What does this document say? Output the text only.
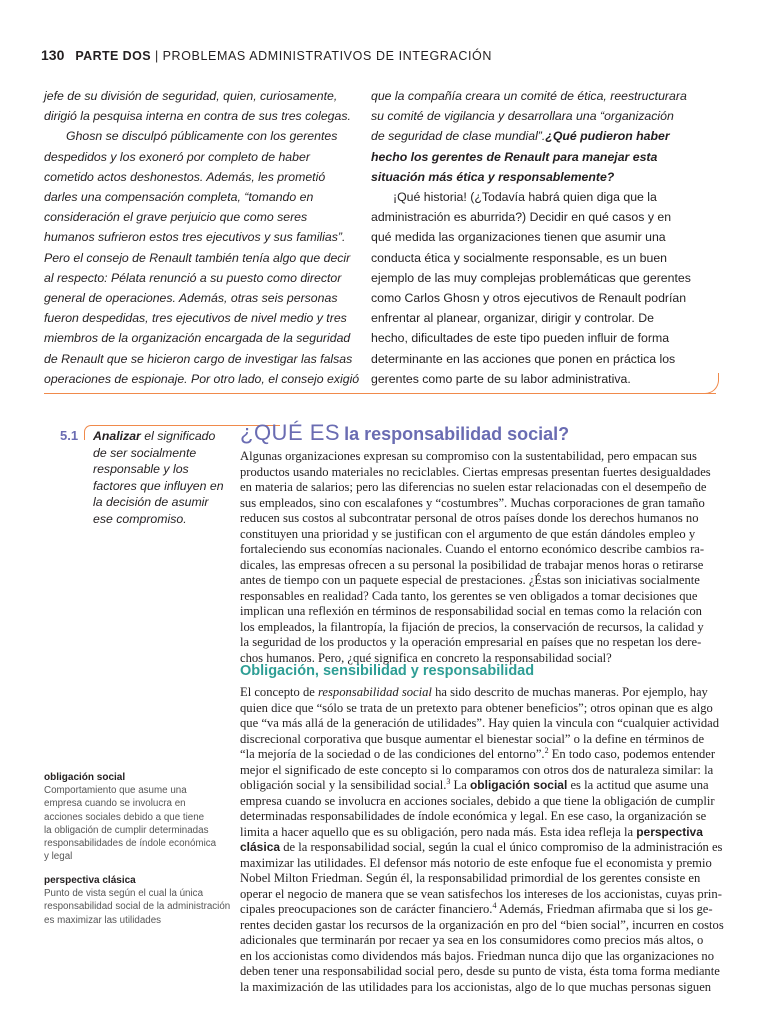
130 PARTE DOS | PROBLEMAS ADMINISTRATIVOS DE INTEGRACIÓN
jefe de su división de seguridad, quien, curiosamente,
dirigió la pesquisa interna en contra de sus tres colegas.
Ghosn se disculpó públicamente con los gerentes
despedidos y los exoneró por completo de haber
cometido actos deshonestos. Además, les prometió
darles una compensación completa, “tomando en
consideración el grave perjuicio que como seres
humanos sufrieron estos tres ejecutivos y sus familias”.
Pero el consejo de Renault también tenía algo que decir
al respecto: Pélata renunció a su puesto como director
general de operaciones. Además, otras seis personas
fueron despedidas, tres ejecutivos de nivel medio y tres
miembros de la organización encargada de la seguridad
de Renault que se hicieron cargo de investigar las falsas
operaciones de espionaje. Por otro lado, el consejo exigió
que la compañía creara un comité de ética, reestructurara
su comité de vigilancia y desarrollara una “organización
de seguridad de clase mundial”.¿Qué pudieron haber
hecho los gerentes de Renault para manejar esta
situación más ética y responsablemente?
¡Qué historia! (¿Todavía habrá quien diga que la
administración es aburrida?) Decidir en qué casos y en
qué medida las organizaciones tienen que asumir una
conducta ética y socialmente responsable, es un buen
ejemplo de las muy complejas problemáticas que gerentes
como Carlos Ghosn y otros ejecutivos de Renault podrían
enfrentar al planear, organizar, dirigir y controlar. De
hecho, dificultades de este tipo pueden influir de forma
determinante en las acciones que ponen en práctica los
gerentes como parte de su labor administrativa.
5.1 Analizar el significado
de ser socialmente
responsable y los
factores que influyen en
la decisión de asumir
ese compromiso.
¿QUÉ ES la responsabilidad social?
Algunas organizaciones expresan su compromiso con la sustentabilidad, pero empacan sus
productos usando materiales no reciclables. Ciertas empresas presentan fuertes desigualdades
en materia de salarios; pero las diferencias no suelen estar relacionadas con el desempeño de
sus empleados, sino con escalafones y “costumbres”. Muchas corporaciones de gran tamaño
reducen sus costos al subcontratar personal de otros países donde los derechos humanos no
constituyen una prioridad y se justifican con el argumento de que están dándoles empleo y
fortaleciendo sus economías nacionales. Cuando el entorno económico describe cambios ra-
dicales, las empresas ofrecen a su personal la posibilidad de trabajar menos horas o retirarse
antes de tiempo con un paquete especial de prestaciones. ¿Éstas son iniciativas socialmente
responsables en realidad? Cada tanto, los gerentes se ven obligados a tomar decisiones que
implican una reflexión en términos de responsabilidad social en temas como la relación con
los empleados, la filantropía, la fijación de precios, la conservación de recursos, la calidad y
la seguridad de los productos y la operación empresarial en países que no respetan los dere-
chos humanos. Pero, ¿qué significa en concreto la responsabilidad social?
Obligación, sensibilidad y responsabilidad
El concepto de responsabilidad social ha sido descrito de muchas maneras. Por ejemplo, hay
quien dice que “sólo se trata de un pretexto para obtener beneficios”; otros opinan que es algo
que “va más allá de la generación de utilidades”. Hay quien la vincula con “cualquier actividad
discrecional corporativa que busque aumentar el bienestar social” o la define en términos de
“la mejoría de la sociedad o de las condiciones del entorno”.$^2$ En todo caso, podemos entender
mejor el significado de este concepto si lo comparamos con otros dos de naturaleza similar: la
obligación social y la sensibilidad social.$^3$ La obligación social es la actitud que asume una
empresa cuando se involucra en acciones sociales, debido a que tiene la obligación de cumplir
determinadas responsabilidades de índole económica y legal. En ese caso, la organización se
limita a hacer aquello que es su obligación, pero nada más. Esta idea refleja la perspectiva
clásica de la responsabilidad social, según la cual el único compromiso de la administración es
maximizar las utilidades. El defensor más notorio de este enfoque fue el economista y premio
Nobel Milton Friedman. Según él, la responsabilidad primordial de los gerentes consiste en
operar el negocio de manera que se vean satisfechos los intereses de los accionistas, cuyas prin-
cipales preocupaciones son de carácter financiero.$^4$ Además, Friedman afirmaba que si los ge-
rentes deciden gastar los recursos de la organización en pro del “bien social”, incurren en costos
adicionales que terminarán por recaer ya sea en los consumidores como precios más altos, o
en los accionistas como dividendos más bajos. Friedman nunca dijo que las organizaciones no
deben tener una responsabilidad social pero, desde su punto de vista, ésta toma forma mediante
la maximización de las utilidades para los accionistas, algo de lo que muchas personas siguen
obligación social
Comportamiento que asume una
empresa cuando se involucra en
acciones sociales debido a que tiene
la obligación de cumplir determinadas
responsabilidades de índole económica
y legal
perspectiva clásica
Punto de vista según el cual la única
responsabilidad social de la administración
es maximizar las utilidades
